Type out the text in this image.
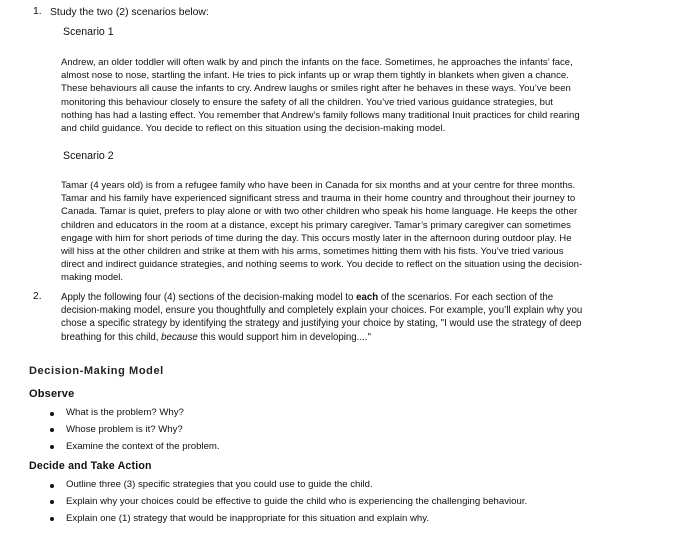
1. Study the two (2) scenarios below:
Scenario 1
Andrew, an older toddler will often walk by and pinch the infants on the face. Sometimes, he approaches the infants’ face,
almost nose to nose, startling the infant. He tries to pick infants up or wrap them tightly in blankets when given a chance.
These behaviours all cause the infants to cry. Andrew laughs or smiles right after he behaves in these ways. You’ve been
monitoring this behaviour closely to ensure the safety of all the children. You’ve tried various guidance strategies, but
nothing has had a lasting effect. You remember that Andrew’s family follows many traditional Inuit practices for child rearing
and child guidance. You decide to reflect on this situation using the decision-making model.
Scenario 2
Tamar (4 years old) is from a refugee family who have been in Canada for six months and at your centre for three months.
Tamar and his family have experienced significant stress and trauma in their home country and throughout their journey to
Canada. Tamar is quiet, prefers to play alone or with two other children who speak his home language. He keeps the other
children and educators in the room at a distance, except his primary caregiver. Tamar’s primary caregiver can sometimes
engage with him for short periods of time during the day. This occurs mostly later in the afternoon during outdoor play. He
will hiss at the other children and strike at them with his arms, sometimes hitting them with his fists. You’ve tried various
direct and indirect guidance strategies, and nothing seems to work. You decide to reflect on the situation using the decision-
making model.
2. Apply the following four (4) sections of the decision-making model to each of the scenarios. For each section of the
decision-making model, ensure you thoughtfully and completely explain your choices. For example, you’ll explain why you
chose a specific strategy by identifying the strategy and justifying your choice by stating, "I would use the strategy of deep
breathing for this child, because this would support him in developing...."
Decision-Making Model
Observe
What is the problem? Why?
Whose problem is it? Why?
Examine the context of the problem.
Decide and Take Action
Outline three (3) specific strategies that you could use to guide the child.
Explain why your choices could be effective to guide the child who is experiencing the challenging behaviour.
Explain one (1) strategy that would be inappropriate for this situation and explain why.
